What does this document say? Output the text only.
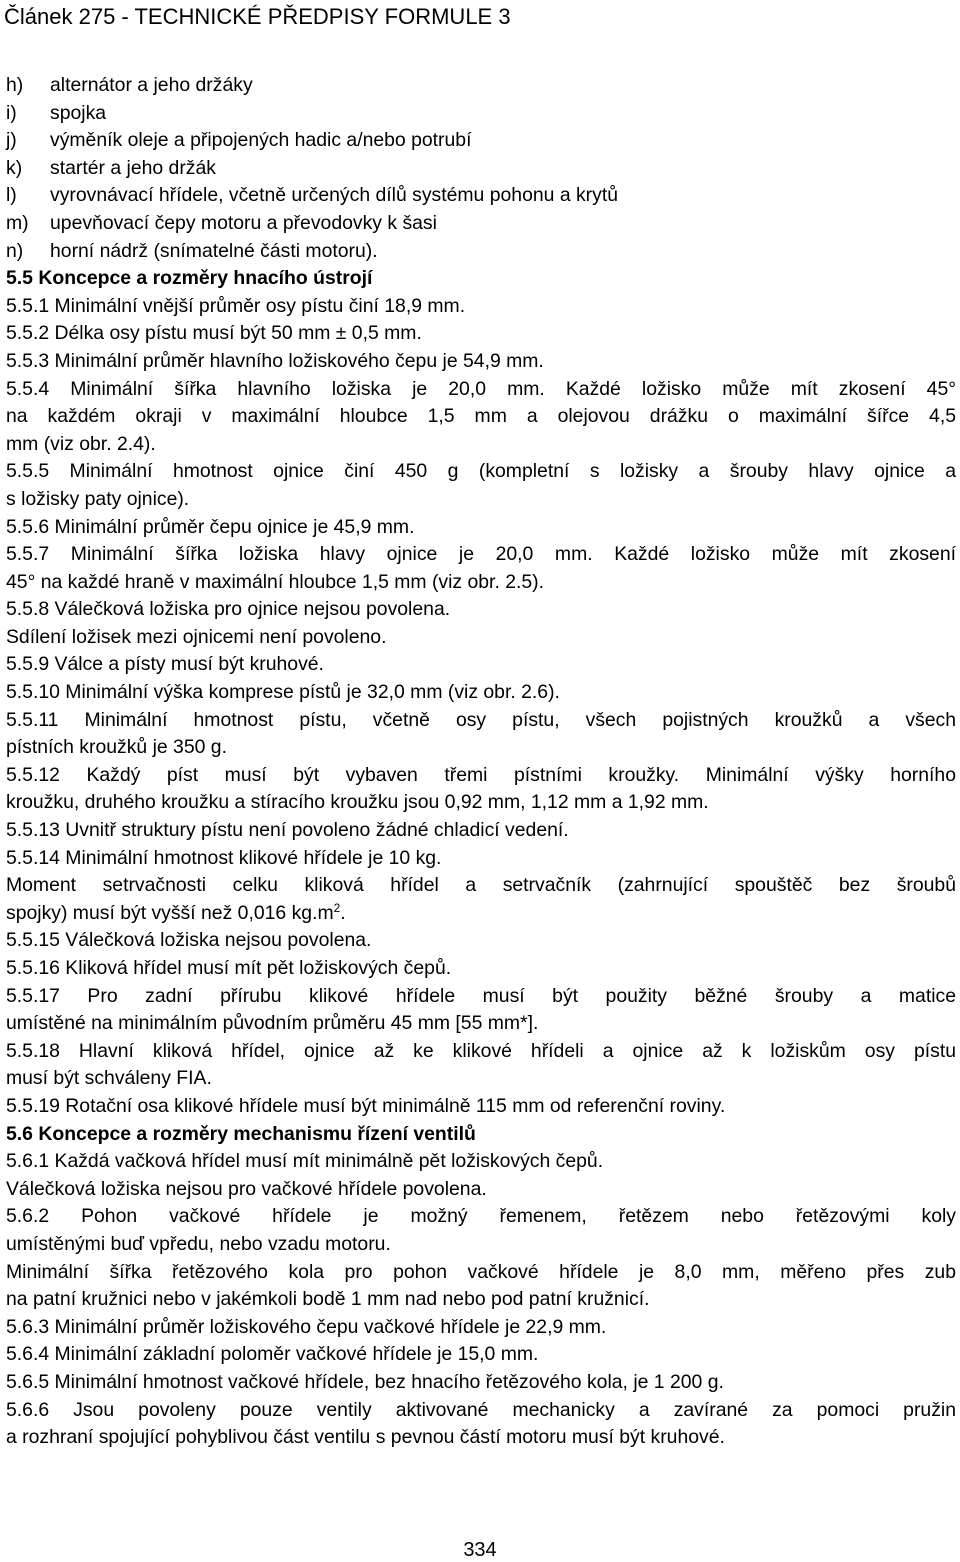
Článek 275 - TECHNICKÉ PŘEDPISY FORMULE 3
h) alternátor a jeho držáky
i) spojka
j) výměník oleje a připojených hadic a/nebo potrubí
k) startér a jeho držák
l) vyrovnávací hřídele, včetně určených dílů systému pohonu a krytů
m) upevňovací čepy motoru a převodovky k šasi
n) horní nádrž (snímatelné části motoru).
5.5 Koncepce a rozměry hnacího ústrojí
5.5.1 Minimální vnější průměr osy pístu činí 18,9 mm.
5.5.2 Délka osy pístu musí být 50 mm ± 0,5 mm.
5.5.3 Minimální průměr hlavního ložiskového čepu je 54,9 mm.
5.5.4 Minimální šířka hlavního ložiska je 20,0 mm. Každé ložisko může mít zkosení 45°
na každém okraji v maximální hloubce 1,5 mm a olejovou drážku o maximální šířce 4,5
mm (viz obr. 2.4).
5.5.5 Minimální hmotnost ojnice činí 450 g (kompletní s ložisky a šrouby hlavy ojnice a
s ložisky paty ojnice).
5.5.6 Minimální průměr čepu ojnice je 45,9 mm.
5.5.7 Minimální šířka ložiska hlavy ojnice je 20,0 mm. Každé ložisko může mít zkosení
45° na každé hraně v maximální hloubce 1,5 mm (viz obr. 2.5).
5.5.8 Válečková ložiska pro ojnice nejsou povolena.
Sdílení ložisek mezi ojnicemi není povoleno.
5.5.9 Válce a písty musí být kruhové.
5.5.10 Minimální výška komprese pístů je 32,0 mm (viz obr. 2.6).
5.5.11 Minimální hmotnost pístu, včetně osy pístu, všech pojistných kroužků a všech
pístních kroužků je 350 g.
5.5.12 Každý píst musí být vybaven třemi pístními kroužky. Minimální výšky horního
kroužku, druhého kroužku a stíracího kroužku jsou 0,92 mm, 1,12 mm a 1,92 mm.
5.5.13 Uvnitř struktury pístu není povoleno žádné chladicí vedení.
5.5.14 Minimální hmotnost klikové hřídele je 10 kg.
Moment setrvačnosti celku kliková hřídel a setrvačník (zahrnující spouštěč bez šroubů
spojky) musí být vyšší než 0,016 $kg.m^2$.
5.5.15 Válečková ložiska nejsou povolena.
5.5.16 Kliková hřídel musí mít pět ložiskových čepů.
5.5.17 Pro zadní přírubu klikové hřídele musí být použity běžné šrouby a matice
umístěné na minimálním původním průměru 45 mm [55 mm*].
5.5.18 Hlavní kliková hřídel, ojnice až ke klikové hřídeli a ojnice až k ložiskům osy pístu
musí být schváleny FIA.
5.5.19 Rotační osa klikové hřídele musí být minimálně 115 mm od referenční roviny.
5.6 Koncepce a rozměry mechanismu řízení ventilů
5.6.1 Každá vačková hřídel musí mít minimálně pět ložiskových čepů.
Válečková ložiska nejsou pro vačkové hřídele povolena.
5.6.2 Pohon vačkové hřídele je možný řemenem, řetězem nebo řetězovými koly
umístěnými buď vpředu, nebo vzadu motoru.
Minimální šířka řetězového kola pro pohon vačkové hřídele je 8,0 mm, měřeno přes zub
na patní kružnici nebo v jakémkoli bodě 1 mm nad nebo pod patní kružnicí.
5.6.3 Minimální průměr ložiskového čepu vačkové hřídele je 22,9 mm.
5.6.4 Minimální základní poloměr vačkové hřídele je 15,0 mm.
5.6.5 Minimální hmotnost vačkové hřídele, bez hnacího řetězového kola, je 1 200 g.
5.6.6 Jsou povoleny pouze ventily aktivované mechanicky a zavírané za pomoci pružin
a rozhraní spojující pohyblivou část ventilu s pevnou částí motoru musí být kruhové.
334
